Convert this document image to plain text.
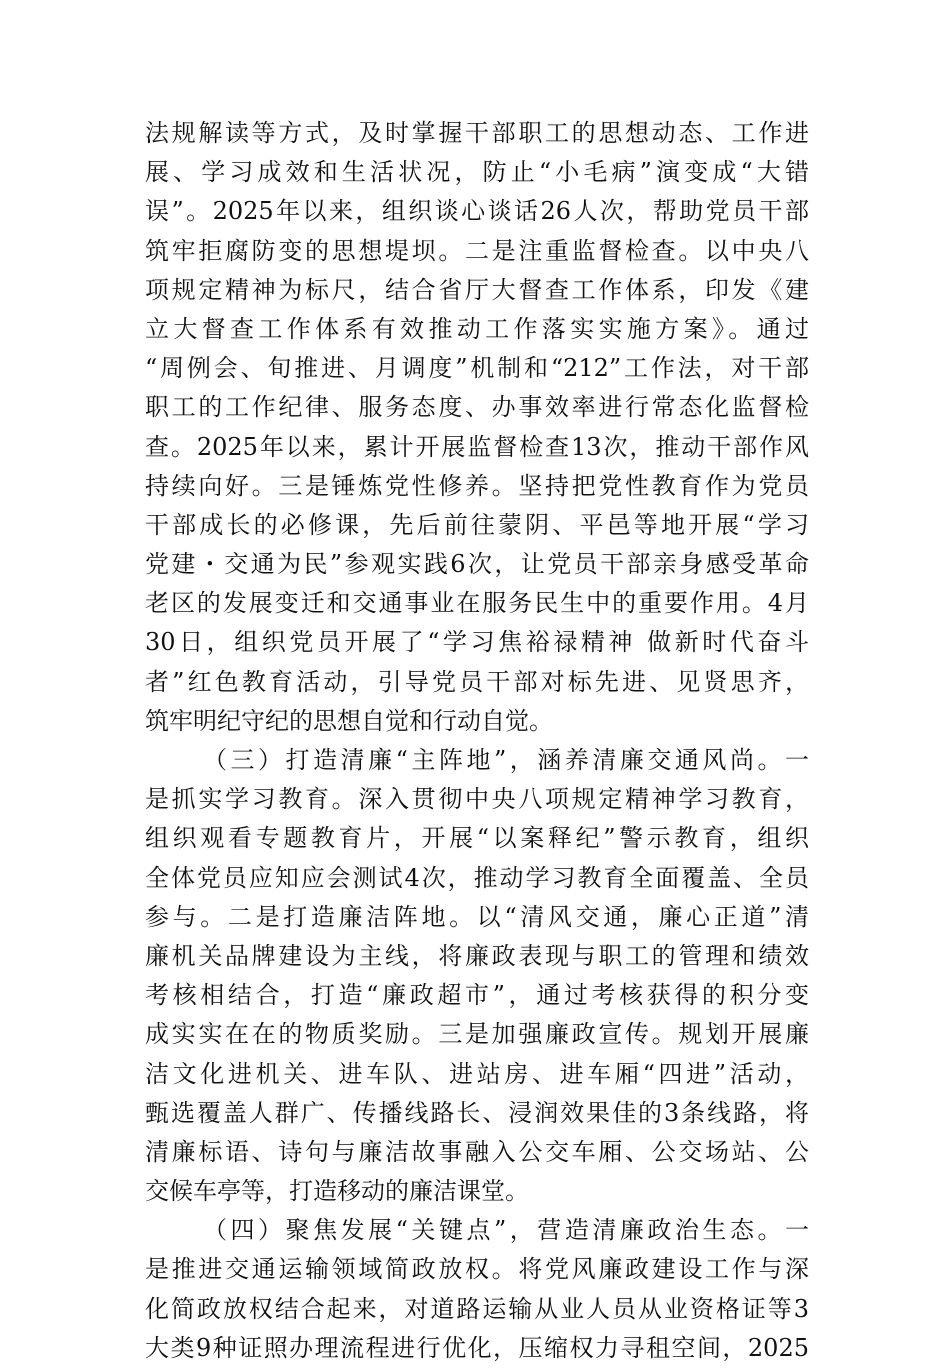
法规解读等方式，及时掌握干部职工的思想动态、工作进
展、学习成效和生活状况，防止“小毛病”演变成“大错
误”。2025年以来，组织谈心谈话26人次，帮助党员干部
筑牢拒腐防变的思想堤坝。二是注重监督检查。以中央八
项规定精神为标尺，结合省厅大督查工作体系，印发《建
立大督查工作体系有效推动工作落实实施方案》。通过
“周例会、旬推进、月调度”机制和“212”工作法，对干部
职工的工作纪律、服务态度、办事效率进行常态化监督检
查。2025年以来，累计开展监督检查13次，推动干部作风
持续向好。三是锤炼党性修养。坚持把党性教育作为党员
干部成长的必修课，先后前往蒙阴、平邑等地开展“学习
党建・交通为民”参观实践6次，让党员干部亲身感受革命
老区的发展变迁和交通事业在服务民生中的重要作用。4月
30日，组织党员开展了“学习焦裕禄精神 做新时代奋斗
者”红色教育活动，引导党员干部对标先进、见贤思齐，
筑牢明纪守纪的思想自觉和行动自觉。
（三）打造清廉“主阵地”，涵养清廉交通风尚。一
是抓实学习教育。深入贯彻中央八项规定精神学习教育，
组织观看专题教育片，开展“以案释纪”警示教育，组织
全体党员应知应会测试4次，推动学习教育全面覆盖、全员
参与。二是打造廉洁阵地。以“清风交通，廉心正道”清
廉机关品牌建设为主线，将廉政表现与职工的管理和绩效
考核相结合，打造“廉政超市”，通过考核获得的积分变
成实实在在的物质奖励。三是加强廉政宣传。规划开展廉
洁文化进机关、进车队、进站房、进车厢“四进”活动，
甄选覆盖人群广、传播线路长、浸润效果佳的3条线路，将
清廉标语、诗句与廉洁故事融入公交车厢、公交场站、公
交候车亭等，打造移动的廉洁课堂。
（四）聚焦发展“关键点”，营造清廉政治生态。一
是推进交通运输领域简政放权。将党风廉政建设工作与深
化简政放权结合起来，对道路运输从业人员从业资格证等3
大类9种证照办理流程进行优化，压缩权力寻租空间，2025
